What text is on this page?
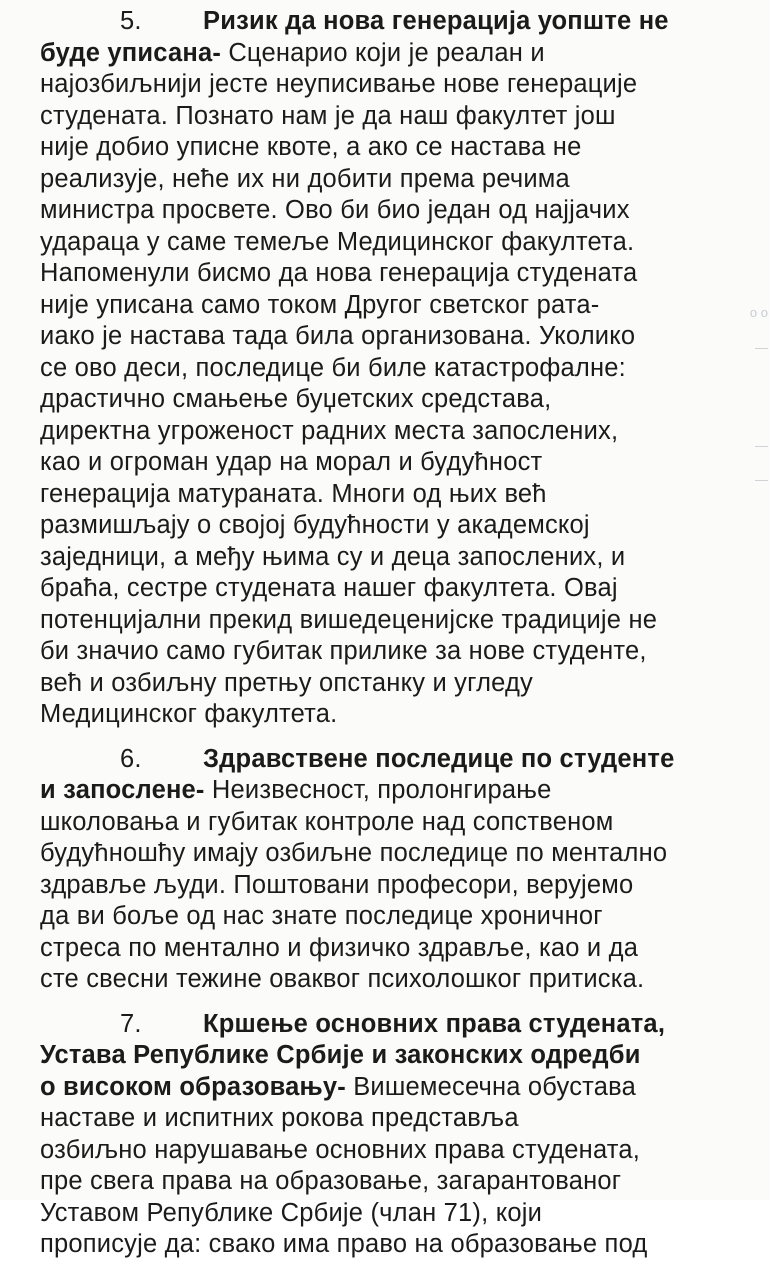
5. Ризик да нова генерација уопште не
буде уписана- Сценарио који је реалан и
најозбиљнији јесте неуписивање нове генерације
студената. Познато нам је да наш факултет још
није добио уписне квоте, а ако се настава не
реализује, неће их ни добити према речима
министра просвете. Ово би био један од најјачих
удараца у саме темеље Медицинског факултета.
Напоменули бисмо да нова генерација студената
није уписана само током Другог светског рата-
иако је настава тада била организована. Уколико
се ово деси, последице би биле катастрофалне:
драстично смањење буџетских средстава,
директна угроженост радних места запослених,
као и огроман удар на морал и будућност
генерација матураната. Многи од њих већ
размишљају о својој будућности у академској
заједници, а међу њима су и деца запослених, и
браћа, сестре студената нашег факултета. Овај
потенцијални прекид вишедеценијске традиције не
би значио само губитак прилике за нове студенте,
већ и озбиљну претњу опстанку и угледу
Медицинског факултета.
6. Здравствене последице по студенте
и запослене- Неизвесност, пролонгирање
школовања и губитак контроле над сопственом
будућношћу имају озбиљне последице по ментално
здравље људи. Поштовани професори, верујемо
да ви боље од нас знате последице хроничног
стреса по ментално и физичко здравље, као и да
сте свесни тежине оваквог психолошког притиска.
7. Кршење основних права студената,
Устава Републике Србије и законских одредби
о високом образовању- Вишемесечна обустава
наставе и испитних рокова представља
озбиљно нарушавање основних права студената,
пре свега права на образовање, загарантованог
Уставом Републике Србије (члан 71), који
прописује да: свако има право на образовање под
о о
—
—
—
